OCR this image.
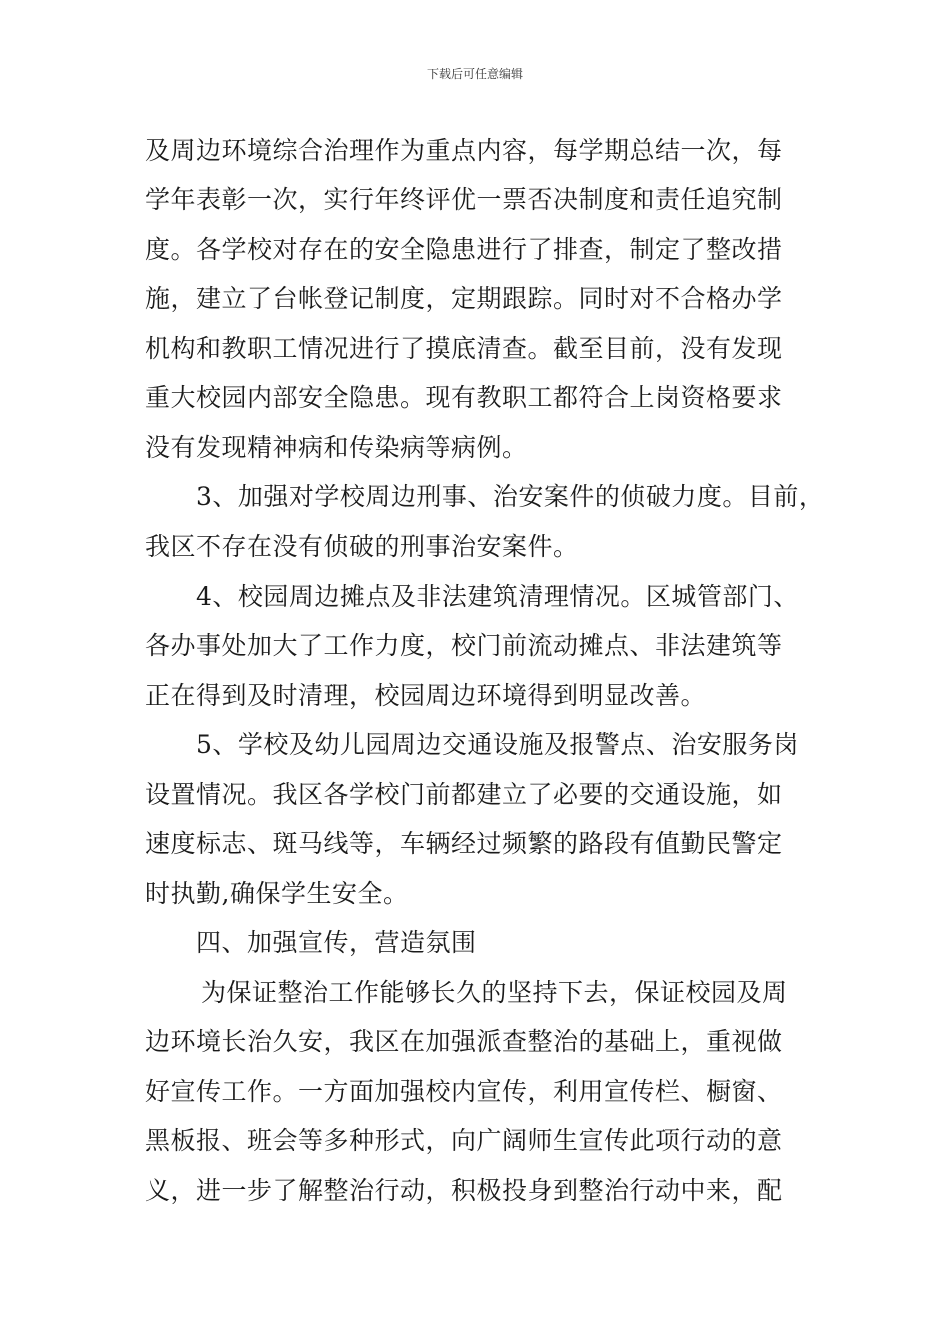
下载后可任意编辑
及周边环境综合治理作为重点内容，每学期总结一次，每
学年表彰一次，实行年终评优一票否决制度和责任追究制
度。各学校对存在的安全隐患进行了排查，制定了整改措
施，建立了台帐登记制度，定期跟踪。同时对不合格办学
机构和教职工情况进行了摸底清查。截至目前，没有发现
重大校园内部安全隐患。现有教职工都符合上岗资格要求
没有发现精神病和传染病等病例。
3、加强对学校周边刑事、治安案件的侦破力度。目前，
我区不存在没有侦破的刑事治安案件。
4、校园周边摊点及非法建筑清理情况。区城管部门、
各办事处加大了工作力度，校门前流动摊点、非法建筑等
正在得到及时清理，校园周边环境得到明显改善。
5、学校及幼儿园周边交通设施及报警点、治安服务岗
设置情况。我区各学校门前都建立了必要的交通设施，如
速度标志、斑马线等，车辆经过频繁的路段有值勤民警定
时执勤,确保学生安全。
四、加强宣传，营造氛围
为保证整治工作能够长久的坚持下去，保证校园及周
边环境长治久安，我区在加强派查整治的基础上，重视做
好宣传工作。一方面加强校内宣传，利用宣传栏、橱窗、
黑板报、班会等多种形式，向广阔师生宣传此项行动的意
义，进一步了解整治行动，积极投身到整治行动中来，配
